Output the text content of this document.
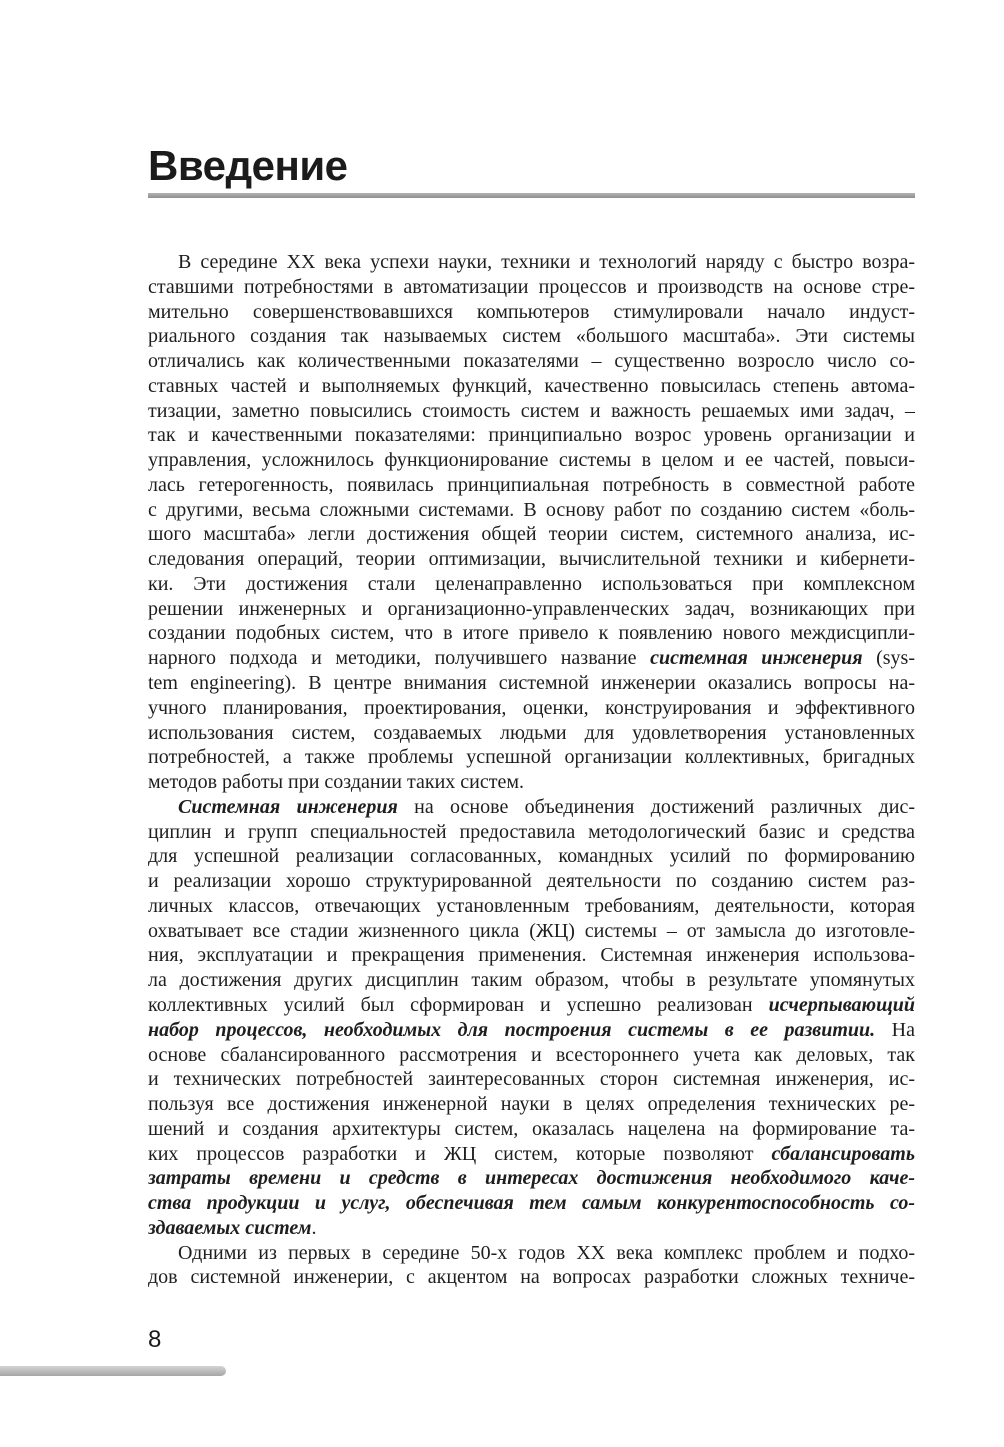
Введение
В середине XX века успехи науки, техники и технологий наряду с быстро возра-
ставшими потребностями в автоматизации процессов и производств на основе стре-
мительно совершенствовавшихся компьютеров стимулировали начало индуст-
риального создания так называемых систем «большого масштаба». Эти системы
отличались как количественными показателями – существенно возросло число со-
ставных частей и выполняемых функций, качественно повысилась степень автома-
тизации, заметно повысились стоимость систем и важность решаемых ими задач, –
так и качественными показателями: принципиально возрос уровень организации и
управления, усложнилось функционирование системы в целом и ее частей, повыси-
лась гетерогенность, появилась принципиальная потребность в совместной работе
с другими, весьма сложными системами. В основу работ по созданию систем «боль-
шого масштаба» легли достижения общей теории систем, системного анализа, ис-
следования операций, теории оптимизации, вычислительной техники и кибернети-
ки. Эти достижения стали целенаправленно использоваться при комплексном
решении инженерных и организационно-управленческих задач, возникающих при
создании подобных систем, что в итоге привело к появлению нового междисципли-
нарного подхода и методики, получившего название системная инженерия (sys-
tem engineering). В центре внимания системной инженерии оказались вопросы на-
учного планирования, проектирования, оценки, конструирования и эффективного
использования систем, создаваемых людьми для удовлетворения установленных
потребностей, а также проблемы успешной организации коллективных, бригадных
методов работы при создании таких систем.
Системная инженерия на основе объединения достижений различных дис-
циплин и групп специальностей предоставила методологический базис и средства
для успешной реализации согласованных, командных усилий по формированию
и реализации хорошо структурированной деятельности по созданию систем раз-
личных классов, отвечающих установленным требованиям, деятельности, которая
охватывает все стадии жизненного цикла (ЖЦ) системы – от замысла до изготовле-
ния, эксплуатации и прекращения применения. Системная инженерия использова-
ла достижения других дисциплин таким образом, чтобы в результате упомянутых
коллективных усилий был сформирован и успешно реализован исчерпывающий
набор процессов, необходимых для построения системы в ее развитии. На
основе сбалансированного рассмотрения и всестороннего учета как деловых, так
и технических потребностей заинтересованных сторон системная инженерия, ис-
пользуя все достижения инженерной науки в целях определения технических ре-
шений и создания архитектуры систем, оказалась нацелена на формирование та-
ких процессов разработки и ЖЦ систем, которые позволяют сбалансировать
затраты времени и средств в интересах достижения необходимого каче-
ства продукции и услуг, обеспечивая тем самым конкурентоспособность со-
здаваемых систем.
Одними из первых в середине 50-х годов XX века комплекс проблем и подхо-
дов системной инженерии, с акцентом на вопросах разработки сложных техниче-
8
